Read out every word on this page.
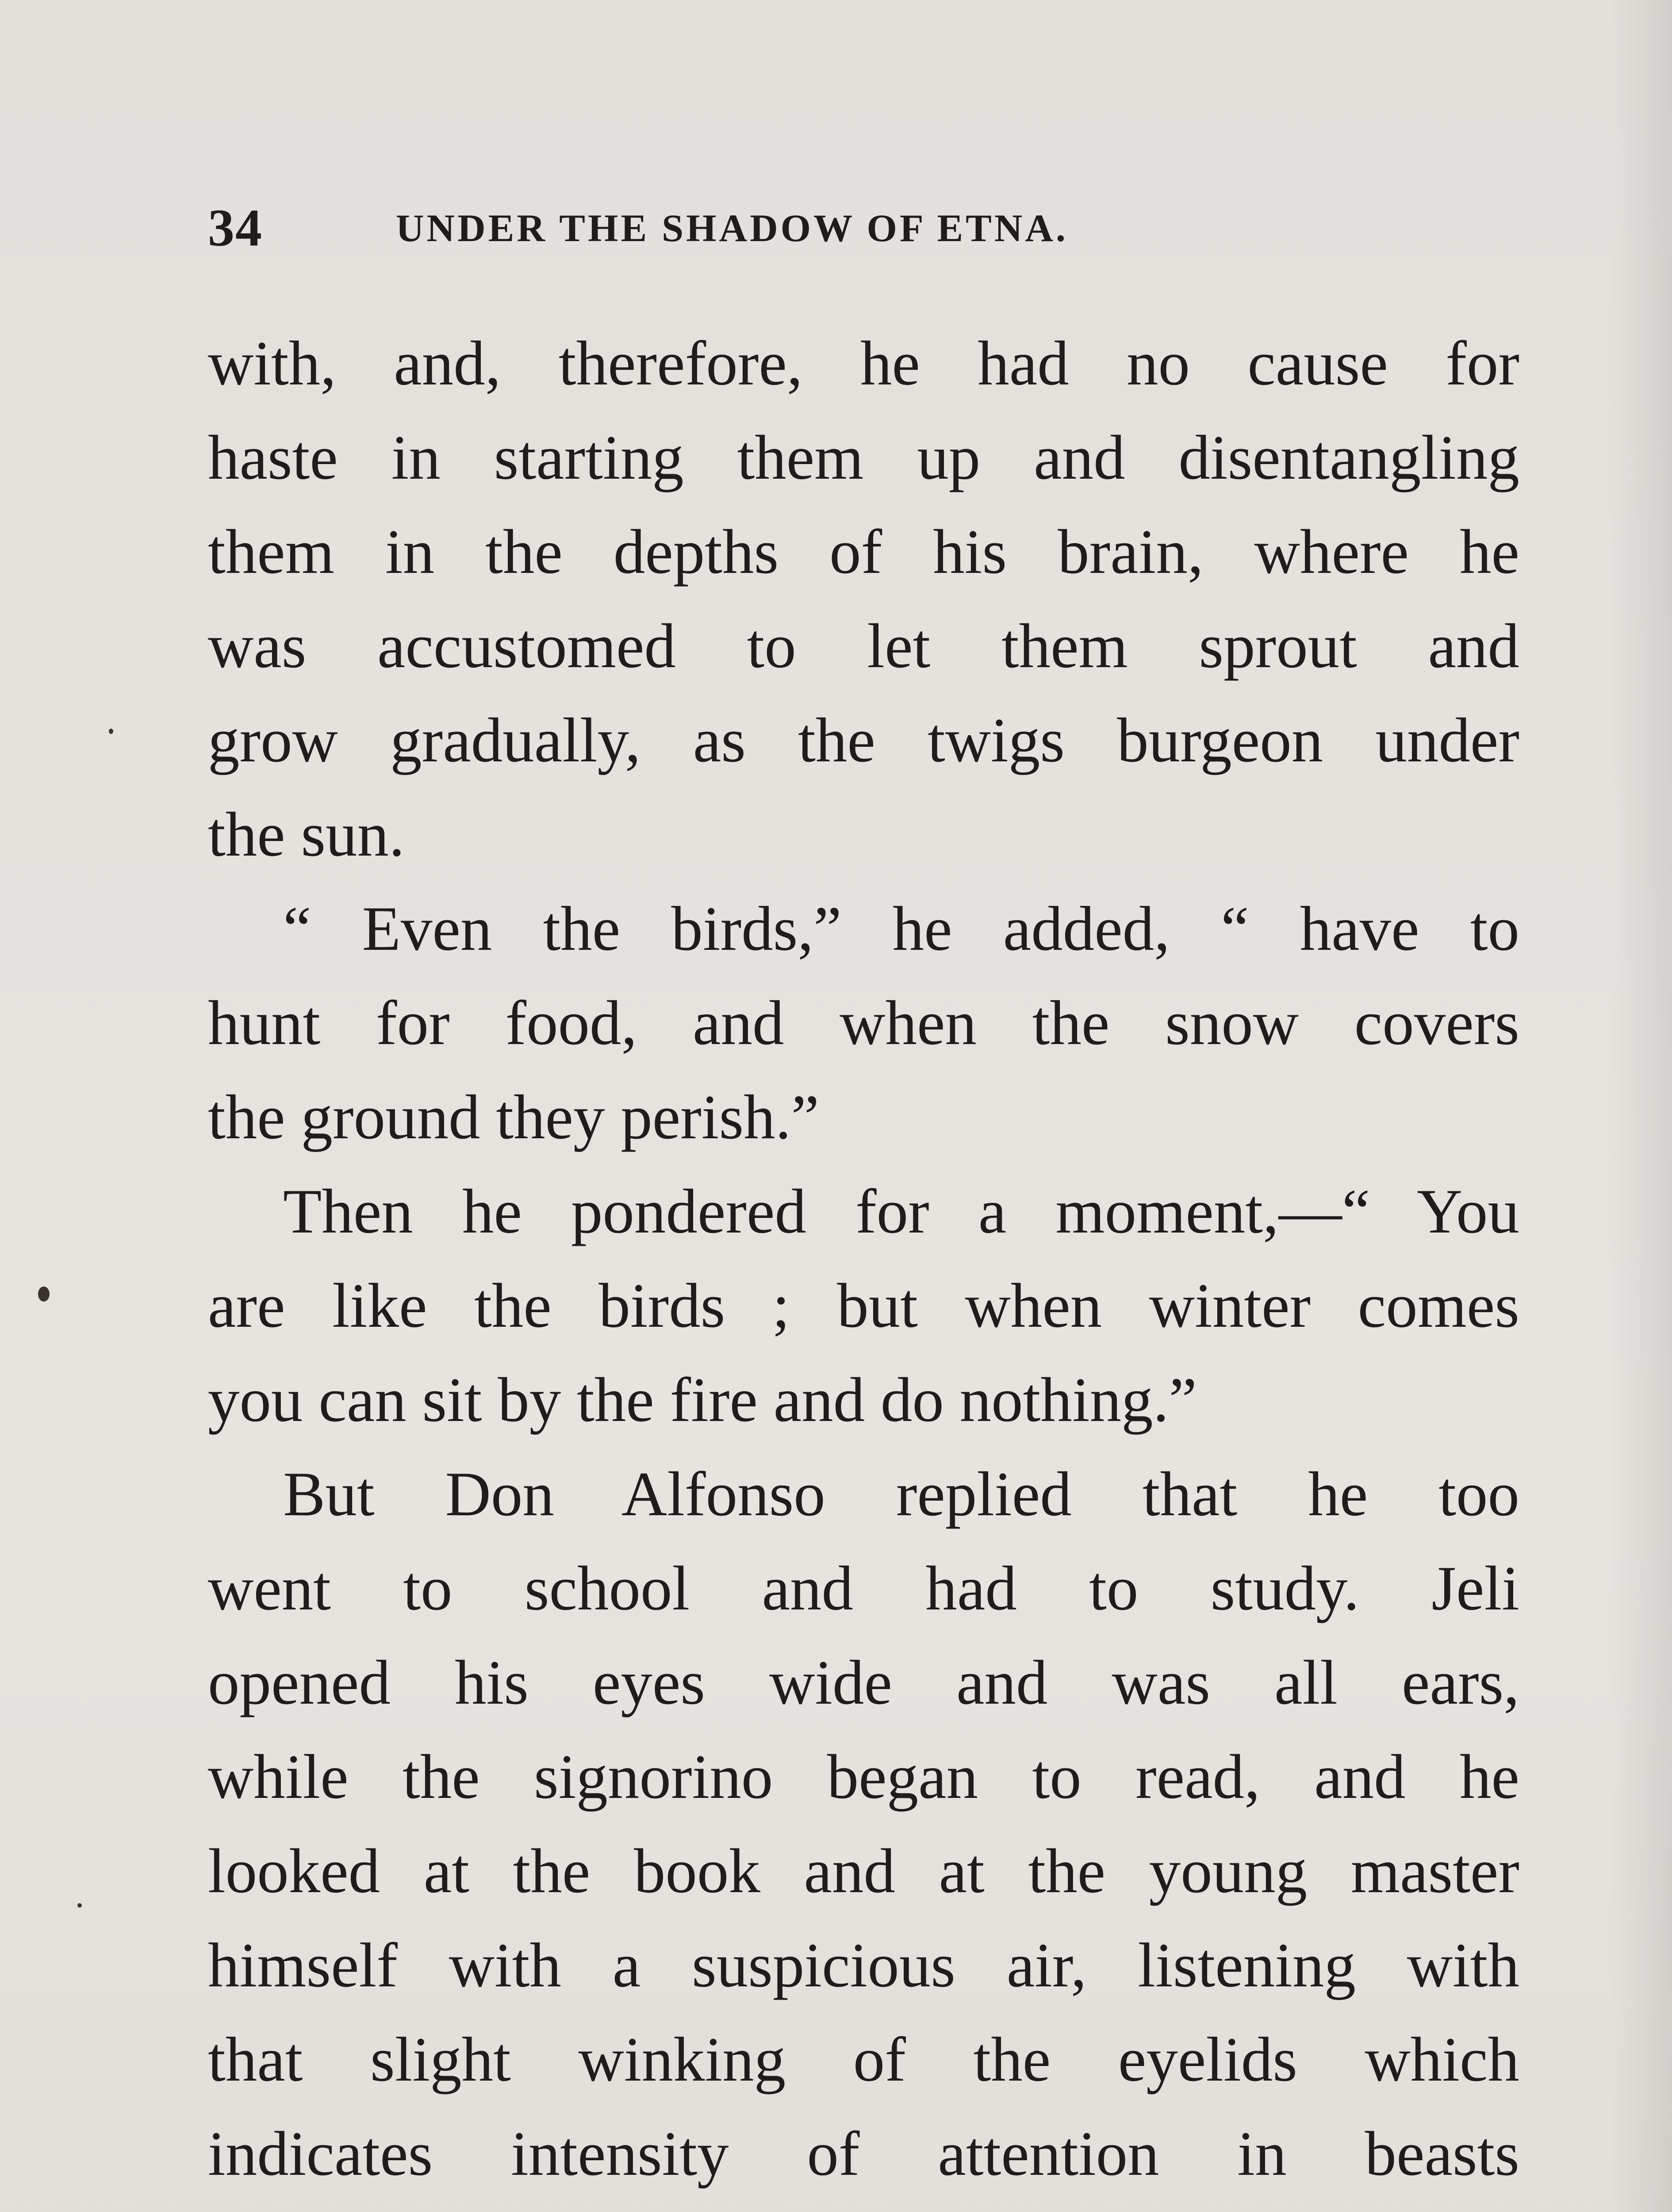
34	UNDER THE SHADOW OF ETNA.

with, and, therefore, he had no cause for
haste in starting them up and disentangling
them in the depths of his brain, where he
was accustomed to let them sprout and
grow gradually, as the twigs burgeon under
the sun.

“ Even the birds,” he added, “ have to
hunt for food, and when the snow covers
the ground they perish.”

Then he pondered for a moment,—“ You
are like the birds ; but when winter comes
you can sit by the fire and do nothing.”

But Don Alfonso replied that he too
went to school and had to study. Jeli
opened his eyes wide and was all ears,
while the signorino began to read, and he
looked at the book and at the young master
himself with a suspicious air, listening with
that slight winking of the eyelids which
indicates intensity of attention in beasts
